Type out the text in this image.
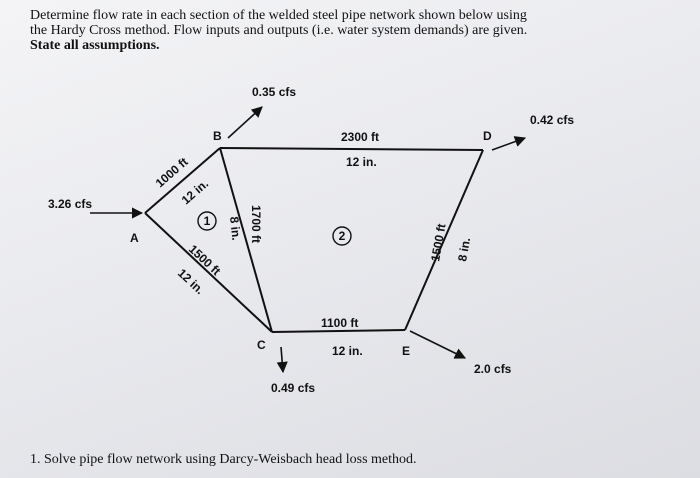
Determine flow rate in each section of the welded steel pipe network shown below using
the Hardy Cross method. Flow inputs and outputs (i.e. water system demands) are given.
State all assumptions.
1
2
A
B
C
D
E
3.26 cfs
0.35 cfs
0.42 cfs
0.49 cfs
2.0 cfs
1000 ft
12 in.
1500 ft
12 in.
1700 ft
8 in.
2300 ft
12 in.
1500 ft 8 in.
1100 ft
12 in.
1. Solve pipe flow network using Darcy-Weisbach head loss method.
